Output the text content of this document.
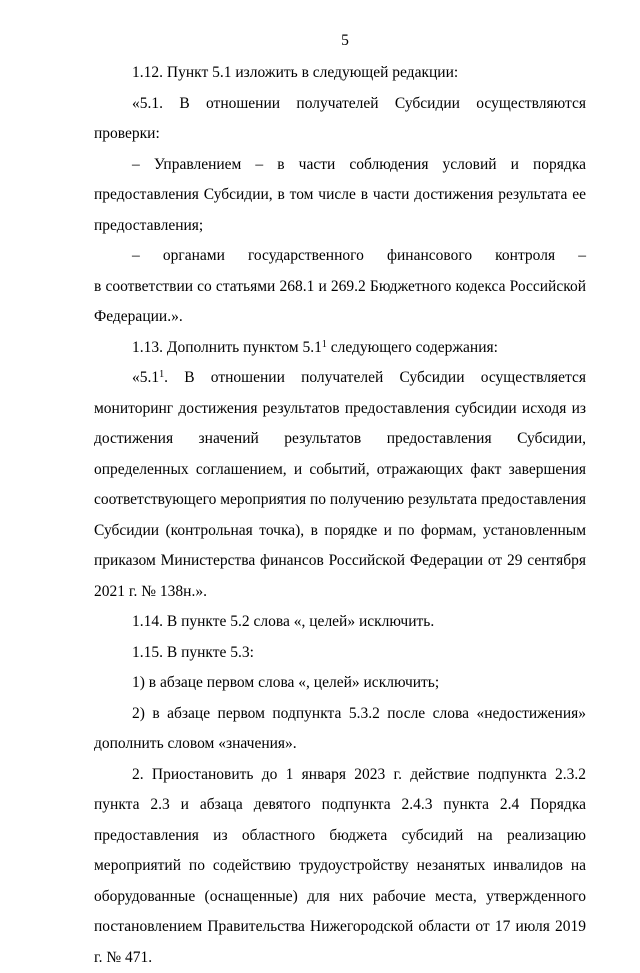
5

1.12. Пункт 5.1 изложить в следующей редакции:

«5.1. В отношении получателей Субсидии осуществляются проверки:

– Управлением – в части соблюдения условий и порядка предоставления Субсидии, в том числе в части достижения результата ее предоставления;

– органами государственного финансового контроля –

в соответствии со статьями 268.1 и 269.2 Бюджетного кодекса Российской Федерации.».

1.13. Дополнить пунктом $5.1^1$ следующего содержания:

«$5.1^1$. В отношении получателей Субсидии осуществляется мониторинг достижения результатов предоставления субсидии исходя из достижения значений результатов предоставления Субсидии, определенных соглашением, и событий, отражающих факт завершения соответствующего мероприятия по получению результата предоставления Субсидии (контрольная точка), в порядке и по формам, установленным приказом Министерства финансов Российской Федерации от 29 сентября 2021 г. № 138н.».

1.14. В пункте 5.2 слова «, целей» исключить.

1.15. В пункте 5.3:

1) в абзаце первом слова «, целей» исключить;

2) в абзаце первом подпункта 5.3.2 после слова «недостижения» дополнить словом «значения».

2. Приостановить до 1 января 2023 г. действие подпункта 2.3.2 пункта 2.3 и абзаца девятого подпункта 2.4.3 пункта 2.4 Порядка предоставления из областного бюджета субсидий на реализацию мероприятий по содействию трудоустройству незанятых инвалидов на оборудованные (оснащенные) для них рабочие места, утвержденного постановлением Правительства Нижегородской области от 17 июля 2019 г. № 471.
